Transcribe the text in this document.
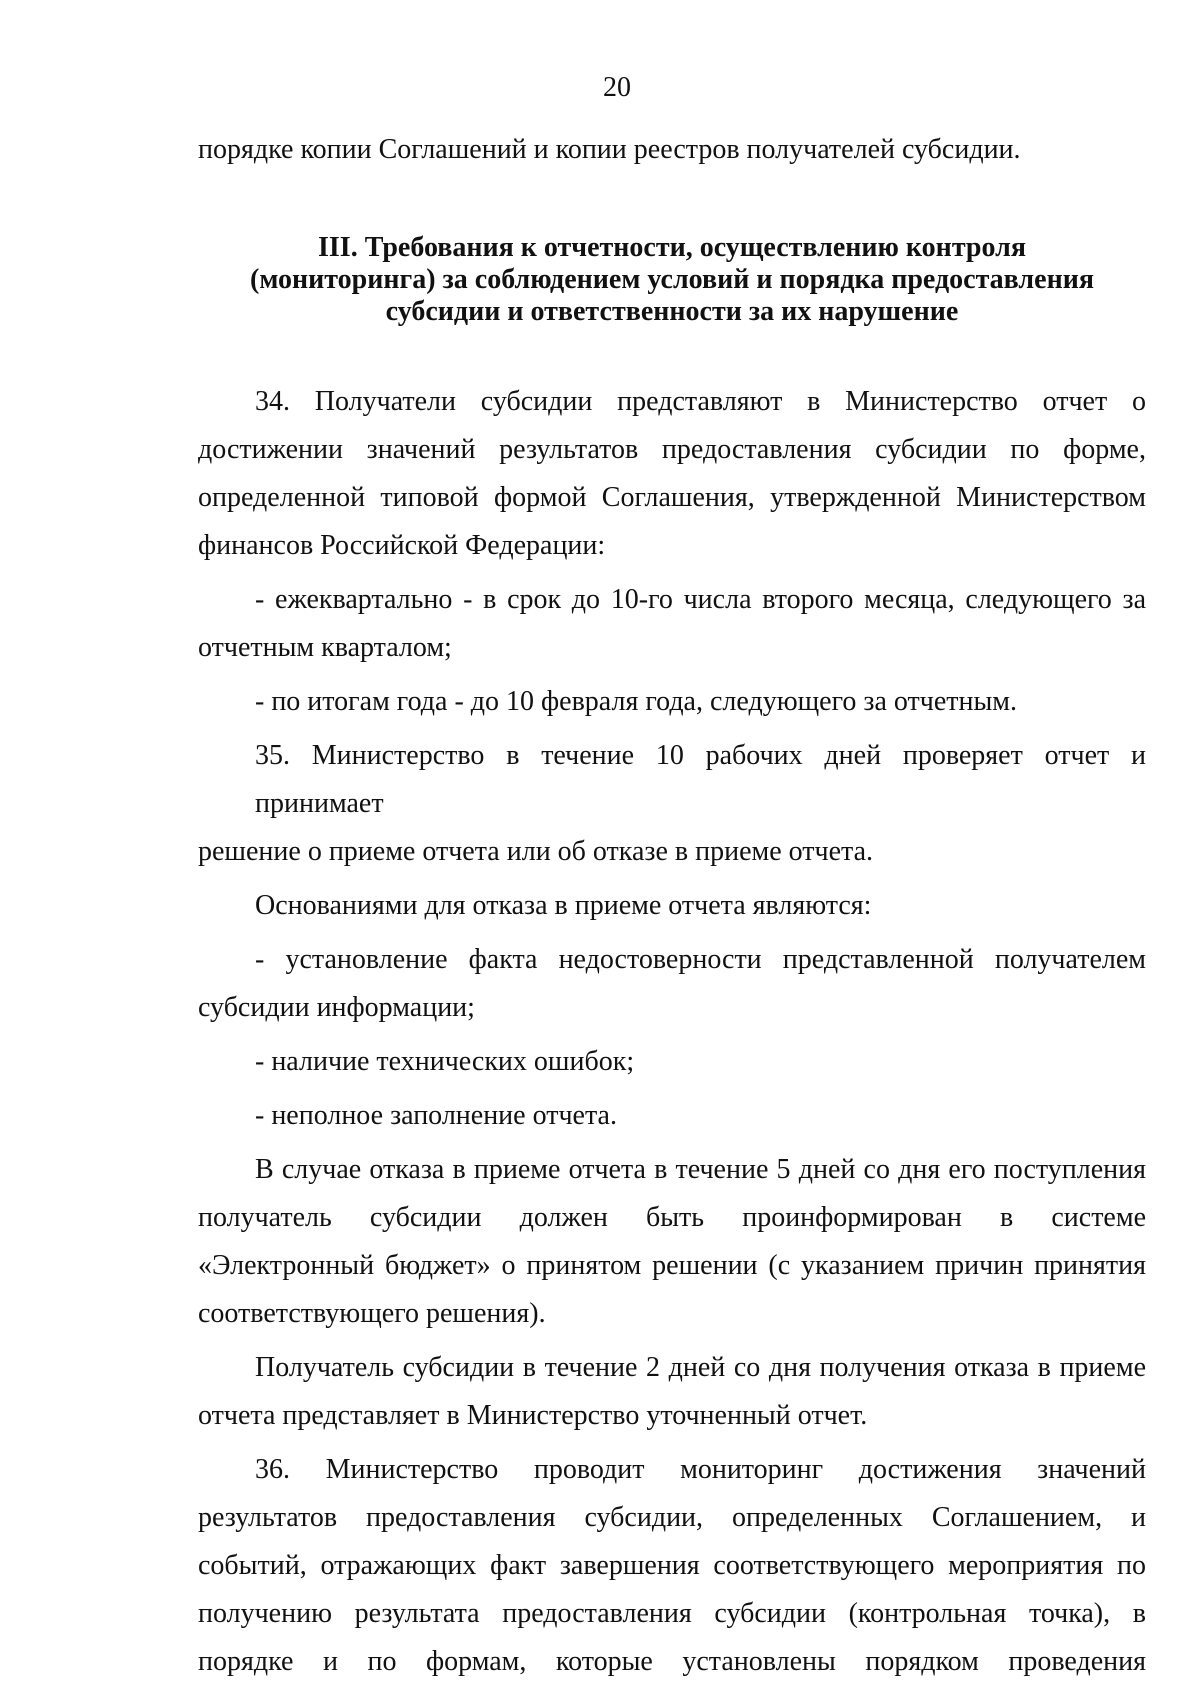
20

порядке копии Соглашений и копии реестров получателей субсидии.

III. Требования к отчетности, осуществлению контроля
(мониторинга) за соблюдением условий и порядка предоставления
субсидии и ответственности за их нарушение

34. Получатели субсидии представляют в Министерство отчет о

достижении значений результатов предоставления субсидии по форме,

определенной типовой формой Соглашения, утвержденной Министерством

финансов Российской Федерации:

- ежеквартально - в срок до 10-го числа второго месяца, следующего за

отчетным кварталом;

- по итогам года - до 10 февраля года, следующего за отчетным.

35. Министерство в течение 10 рабочих дней проверяет отчет и принимает

решение о приеме отчета или об отказе в приеме отчета.

Основаниями для отказа в приеме отчета являются:

- установление факта недостоверности представленной получателем

субсидии информации;

- наличие технических ошибок;

- неполное заполнение отчета.

В случае отказа в приеме отчета в течение 5 дней со дня его поступления

получатель субсидии должен быть проинформирован в системе

«Электронный бюджет» о принятом решении (с указанием причин принятия

соответствующего решения).

Получатель субсидии в течение 2 дней со дня получения отказа в приеме

отчета представляет в Министерство уточненный отчет.

36. Министерство проводит мониторинг достижения значений

результатов предоставления субсидии, определенных Соглашением, и

событий, отражающих факт завершения соответствующего мероприятия по

получению результата предоставления субсидии (контрольная точка), в

порядке и по формам, которые установлены порядком проведения
